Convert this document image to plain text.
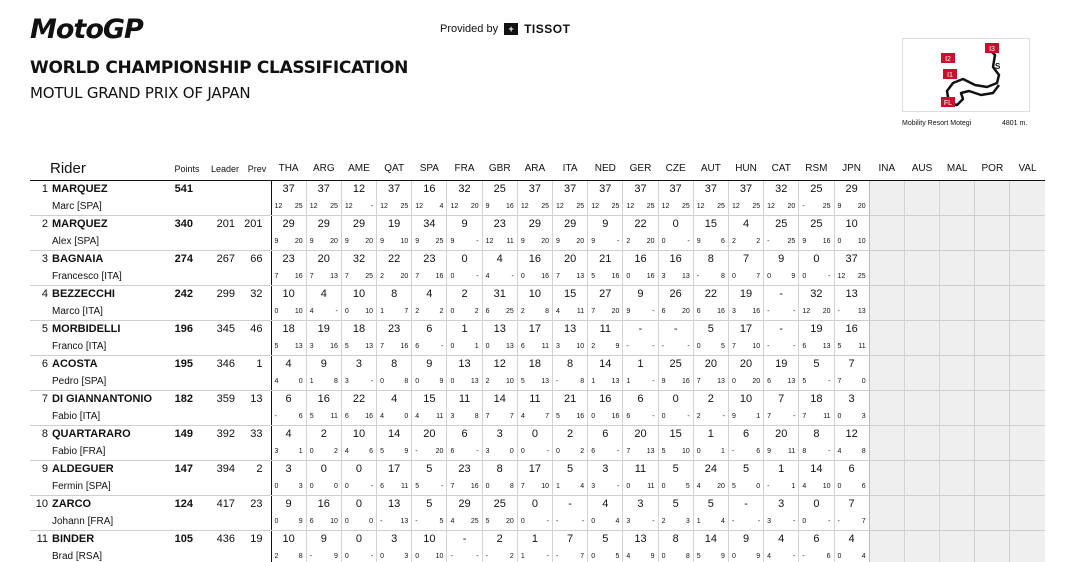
MotoGP	Provided by	+ TISSOT
WORLD CHAMPIONSHIP CLASSIFICATION
MOTUL GRAND PRIX OF JAPAN
I2
I1
I3
S
FL
Mobility Resort Motegi	4801 m.
Rider	Points	Leader	Prev	THA	ARG	AME	QAT	SPA	FRA	GBR	ARA	ITA	NED	GER	CZE	AUT	HUN	CAT	RSM	JPN	INA	AUS	MAL	POR	VAL
1 MARQUEZ	541			37	37	12	37	16	32	25	37	37	37	37	37	37	37	32	25	29					
Marc [SPA]				12 25	12 25	12 -	12 25	12 4	12 20	9 16	12 25	12 25	12 25	12 25	12 25	12 25	12 25	12 20	- 25	9 20					

2 MARQUEZ	340	201	201	29	29	29	19	34	9	23	29	29	9	22	0	15	4	25	25	10					
Alex [SPA]				9 20	9 20	9 20	9 10	9 25	9 -	12 11	9 20	9 20	9 -	2 20	0 -	9 6	2 2	- 25	9 16	0 10					

3 BAGNAIA	274	267	66	23	20	32	22	23	0	4	16	20	21	16	16	8	7	9	0	37					
Francesco [ITA]				7 16	7 13	7 25	2 20	7 16	0 -	4 -	0 16	7 13	5 16	0 16	3 13	- 8	0 7	0 9	0 -	12 25					

4 BEZZECCHI	242	299	32	10	4	10	8	4	2	31	10	15	27	9	26	22	19	-	32	13					
Marco [ITA]				0 10	4 -	0 10	1 7	2 2	0 2	6 25	2 8	4 11	7 20	9 -	6 20	6 16	3 16	- -	12 20	- 13					

5 MORBIDELLI	196	345	46	18	19	18	23	6	1	13	17	13	11	-	-	5	17	-	19	16					
Franco [ITA]				5 13	3 16	5 13	7 16	6 -	0 1	0 13	6 11	3 10	2 9	- -	- -	0 5	7 10	- -	6 13	5 11					

6 ACOSTA	195	346	1	4	9	3	8	9	13	12	18	8	14	1	25	20	20	19	5	7					
Pedro [SPA]				4 0	1 8	3 -	0 8	0 9	0 13	2 10	5 13	- 8	1 13	1 -	9 16	7 13	0 20	6 13	5 -	7 0					

7 DI GIANNANTONIO	182	359	13	6	16	22	4	15	11	14	11	21	16	6	0	2	10	7	18	3					
Fabio [ITA]				- 6	5 11	6 16	4 0	4 11	3 8	7 7	4 7	5 16	0 16	6 -	0 -	2 -	9 1	7 -	7 11	0 3					

8 QUARTARARO	149	392	33	4	2	10	14	20	6	3	0	2	6	20	15	1	6	20	8	12					
Fabio [FRA]				3 1	0 2	4 6	5 9	- 20	6 -	3 0	0 -	0 2	6 -	7 13	5 10	0 1	- 6	9 11	8 -	4 8					

9 ALDEGUER	147	394	2	3	0	0	17	5	23	8	17	5	3	11	5	24	5	1	14	6					
Fermin [SPA]				0 3	0 0	0 -	6 11	5 -	7 16	0 8	7 10	1 4	3 -	0 11	0 5	4 20	5 0	- 1	4 10	0 6					

10 ZARCO	124	417	23	9	16	0	13	5	29	25	0	-	4	3	5	5	-	3	0	7					
Johann [FRA]				0 9	6 10	0 0	- 13	- 5	4 25	5 20	0 -	- -	0 4	3 -	2 3	1 4	- -	3 -	0 -	- 7					

11 BINDER	105	436	19	10	9	0	3	10	-	2	1	7	5	13	8	14	9	4	6	4					
Brad [RSA]				2 8	- 9	0 -	0 3	0 10	- -	- 2	1 -	- 7	0 5	4 9	0 8	5 9	0 9	4 -	- 6	0 4					
